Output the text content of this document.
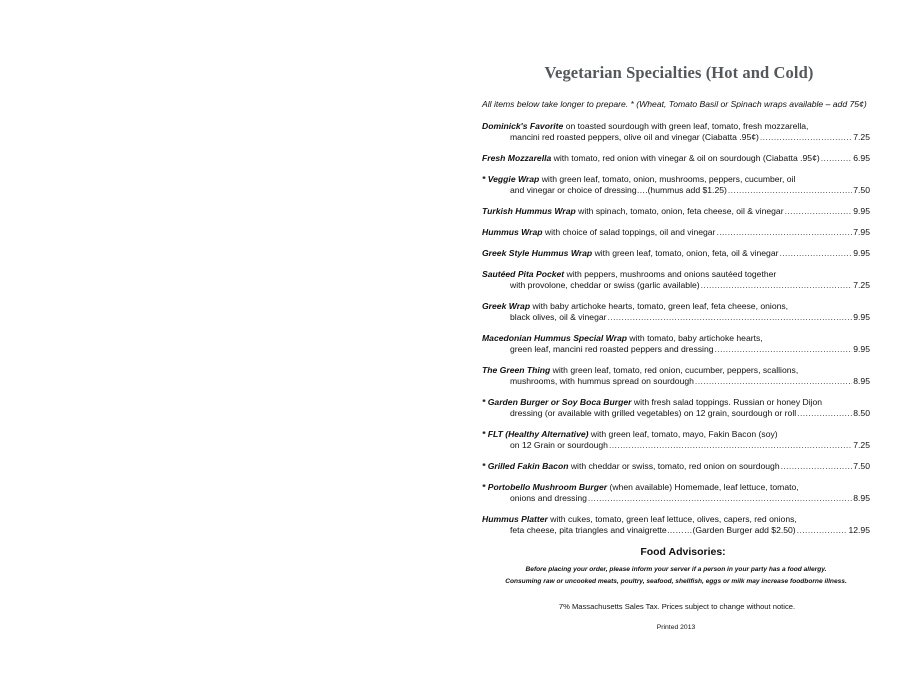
Vegetarian Specialties (Hot and Cold)
All items below take longer to prepare. * (Wheat, Tomato Basil or Spinach wraps available – add 75¢)
Dominick's Favorite on toasted sourdough with green leaf, tomato, fresh mozzarella,
mancini red roasted peppers, olive oil and vinegar (Ciabatta .95¢) .....	7.25
Fresh Mozzarella with tomato, red onion with vinegar & oil on sourdough (Ciabatta .95¢) .....	6.95
* Veggie Wrap with green leaf, tomato, onion, mushrooms, peppers, cucumber, oil
and vinegar or choice of dressing….(hummus add $1.25) .....	7.50
Turkish Hummus Wrap with spinach, tomato, onion, feta cheese, oil & vinegar .....	9.95
Hummus Wrap with choice of salad toppings, oil and vinegar .....	7.95
Greek Style Hummus Wrap with green leaf, tomato, onion, feta, oil & vinegar .....	9.95
Sautéed Pita Pocket with peppers, mushrooms and onions sautéed together
with provolone, cheddar or swiss (garlic available) .....	7.25
Greek Wrap with baby artichoke hearts, tomato, green leaf, feta cheese, onions,
black olives, oil & vinegar .....	9.95
Macedonian Hummus Special Wrap with tomato, baby artichoke hearts,
green leaf, mancini red roasted peppers and dressing .....	9.95
The Green Thing with green leaf, tomato, red onion, cucumber, peppers, scallions,
mushrooms, with hummus spread on sourdough .....	8.95
* Garden Burger or Soy Boca Burger with fresh salad toppings. Russian or honey Dijon
dressing (or available with grilled vegetables) on 12 grain, sourdough or roll .....	8.50
* FLT (Healthy Alternative) with green leaf, tomato, mayo, Fakin Bacon (soy)
on 12 Grain or sourdough .....	7.25
* Grilled Fakin Bacon with cheddar or swiss, tomato, red onion on sourdough .....	7.50
* Portobello Mushroom Burger (when available) Homemade, leaf lettuce, tomato,
onions and dressing .....	8.95
Hummus Platter with cukes, tomato, green leaf lettuce, olives, capers, red onions,
feta cheese, pita triangles and vinaigrette………(Garden Burger add $2.50) .....	12.95
Food Advisories:
Before placing your order, please inform your server if a person in your party has a food allergy.
Consuming raw or uncooked meats, poultry, seafood, shellfish, eggs or milk may increase foodborne illness.
7% Massachusetts Sales Tax. Prices subject to change without notice.
Printed 2013
